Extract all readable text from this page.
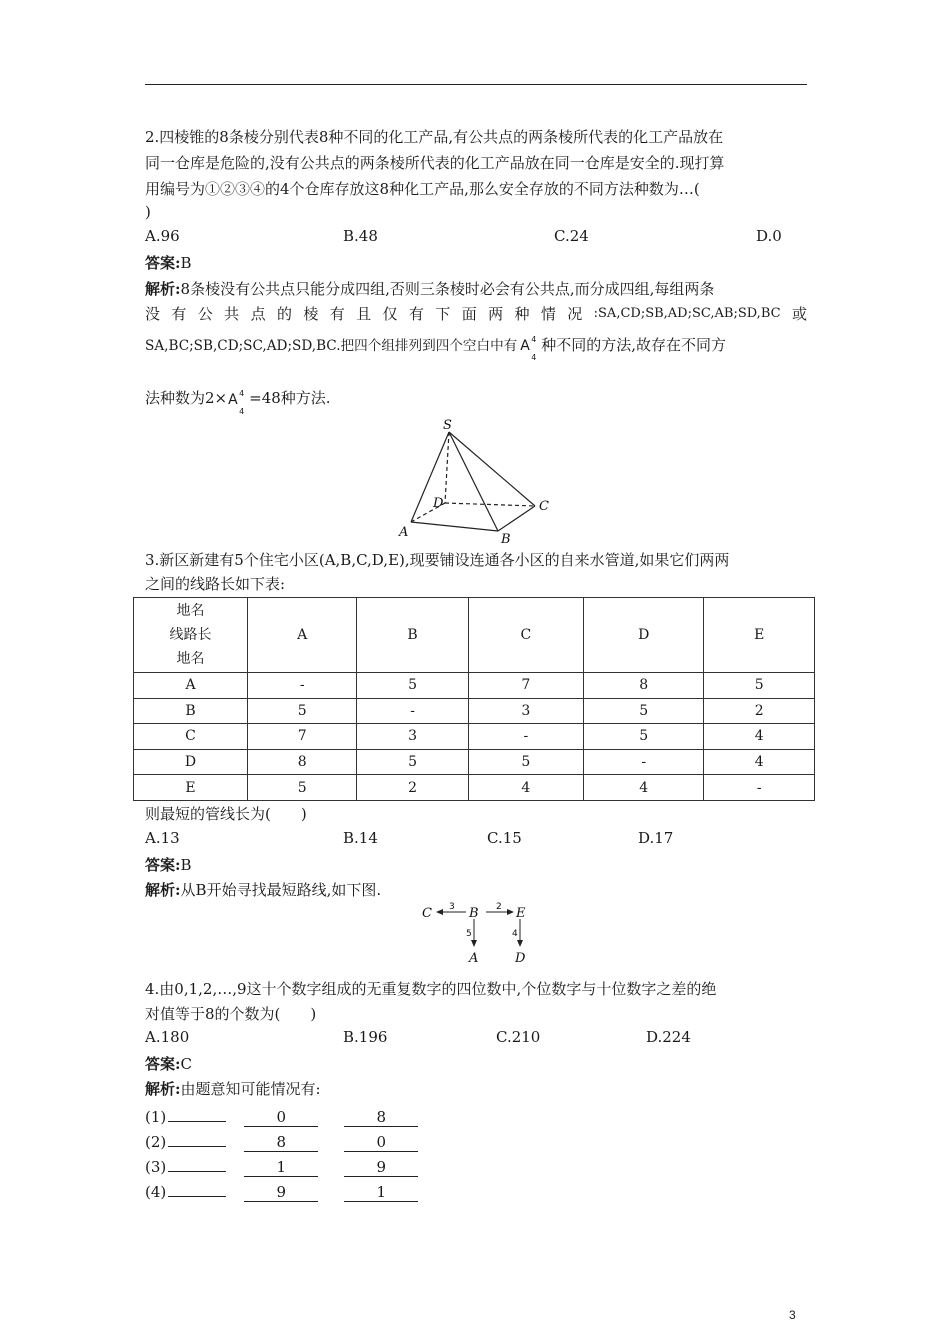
2.四棱锥的8条棱分别代表8种不同的化工产品,有公共点的两条棱所代表的化工产品放在
同一仓库是危险的,没有公共点的两条棱所代表的化工产品放在同一仓库是安全的.现打算
用编号为①②③④的4个仓库存放这8种化工产品,那么安全存放的不同方法种数为…(
)
A.96	B.48	C.24	D.0
答案:B
解析:8条棱没有公共点只能分成四组,否则三条棱时必会有公共点,而分成四组,每组两条
没 有 公 共 点 的 棱 有 且 仅 有 下 面 两 种 情 况 :SA,CD;SB,AD;SC,AB;SD,BC 或
SA,BC;SB,CD;SC,AD;SD,BC.把四个组排列到四个空白中有 A 4
4
种不同的方法,故存在不同方
法种数为2× A 4
4
=48种方法.
S
D	C
A	B
3.新区新建有5个住宅小区(A,B,C,D,E),现要铺设连通各小区的自来水管道,如果它们两两
之间的线路长如下表:
地名
线路长
地名	A	B	C	D	E
A	-	5	7	8	5
B	5	-	3	5	2
C	7	3	-	5	4
D	8	5	5	-	4
E	5	2	4	4	-
则最短的管线长为(　　)
A.13	B.14	C.15	D.17
答案:B
解析:从B开始寻找最短路线,如下图.
C	B	E
A	D
3	2
5	4
4.由0,1,2,…,9这十个数字组成的无重复数字的四位数中,个位数字与十位数字之差的绝
对值等于8的个数为(　　)
A.180	B.196	C.210	D.224
答案:C
解析:由题意知可能情况有:
(1)	0	8
(2)	8	0
(3)	1	9
(4)	9	1
3
